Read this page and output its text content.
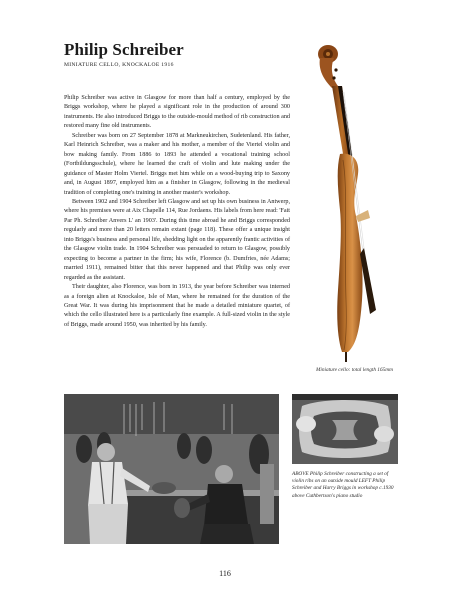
Philip Schreiber
MINIATURE CELLO, KNOCKALOE 1916

Philip Schreiber was active in Glasgow for more than half a century, employed by the Briggs workshop, where he played a significant role in the production of around 300 instruments. He also introduced Briggs to the outside-mould method of rib construction and restored many fine old instruments.

Schreiber was born on 27 September 1878 at Markneukirchen, Sudetenland. His father, Karl Heinrich Schreiber, was a maker and his mother, a member of the Viertel violin and bow making family. From 1886 to 1893 he attended a vocational training school (Fortbildungsschule), where he learned the craft of violin and lute making under the guidance of Master Holm Viertel. Briggs met him while on a wood-buying trip to Saxony and, in August 1897, employed him as a finisher in Glasgow, following in the medieval tradition of completing one's training in another master's workshop.

Between 1902 and 1904 Schreiber left Glasgow and set up his own business in Antwerp, where his premises were at Aix Chapelle 114, Rue Jordaens. His labels from here read: 'Fait Par Ph. Schreiber Anvers L' an 1903'. During this time abroad he and Briggs corresponded regularly and more than 20 letters remain extant (page 118). These offer a unique insight into Briggs's business and personal life, shedding light on the apparently frantic activities of the Glasgow violin trade. In 1904 Schreiber was persuaded to return to Glasgow, possibly expecting to become a partner in the firm; his wife, Florence (b. Dumfries, née Adams; married 1911), remained bitter that this never happened and that Philip was only ever regarded as the assistant.

Their daughter, also Florence, was born in 1913, the year before Schreiber was interned as a foreign alien at Knockaloe, Isle of Man, where he remained for the duration of the Great War. It was during his imprisonment that he made a detailed miniature quartet, of which the cello illustrated here is a particularly fine example. A full-sized violin in the style of Briggs, made around 1950, was inherited by his family.

Miniature cello: total length 165mm
ABOVE Philip Schreiber constructing a set of violin ribs on an outside mould LEFT Philip Schreiber and Harry Briggs in workshop c.1930 above Cuthbertson's piano studio
116
